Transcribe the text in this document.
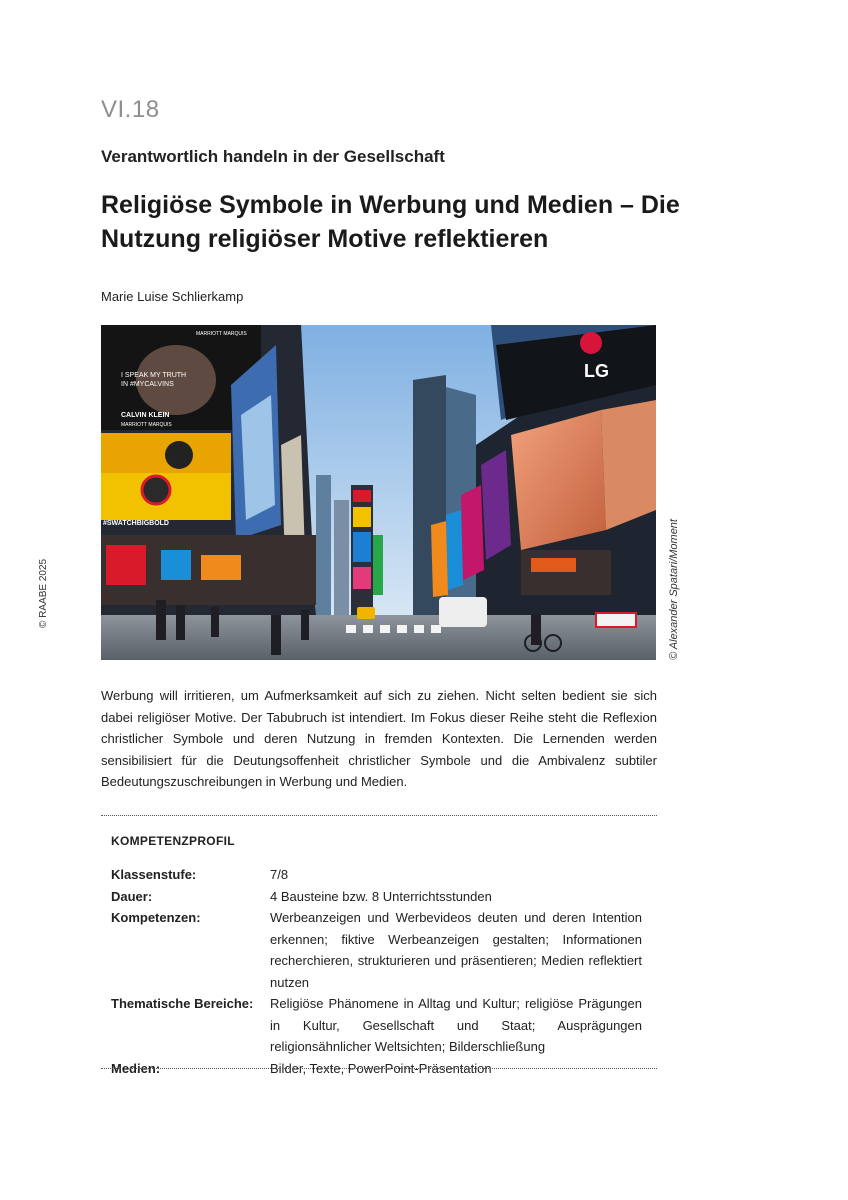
VI.18
Verantwortlich handeln in der Gesellschaft
Religiöse Symbole in Werbung und Medien – Die Nutzung religiöser Motive reflektieren
Marie Luise Schlierkamp
LG
I SPEAK MY TRUTH
IN #MYCALVINS
CALVIN KLEIN
MARRIOTT MARQUIS
MARRIOTT MARQUIS
#SWATCHBIGBOLD	© Alexander Spatari/Moment
© RAABE 2025

Werbung will irritieren, um Aufmerksamkeit auf sich zu ziehen. Nicht selten bedient sie sich dabei religiöser Motive. Der Tabubruch ist intendiert. Im Fokus dieser Reihe steht die Reflexion christlicher Symbole und deren Nutzung in fremden Kontexten. Die Lernenden werden sensibilisiert für die Deutungsoffenheit christlicher Symbole und die Ambivalenz subtiler Bedeutungszuschreibungen in Werbung und Medien.

KOMPETENZPROFIL
Klassenstufe:	7/8
Dauer:	4 Bausteine bzw. 8 Unterrichtsstunden
Kompetenzen:	Werbeanzeigen und Werbevideos deuten und deren Intention erkennen; fiktive Werbeanzeigen gestalten; Informationen recherchieren, strukturieren und präsentieren; Medien reflektiert nutzen
Thematische Bereiche:	Religiöse Phänomene in Alltag und Kultur; religiöse Prägungen in Kultur, Gesellschaft und Staat; Ausprägungen religionsähnlicher Weltsichten; Bilderschließung
Medien:	Bilder, Texte, PowerPoint-Präsentation
